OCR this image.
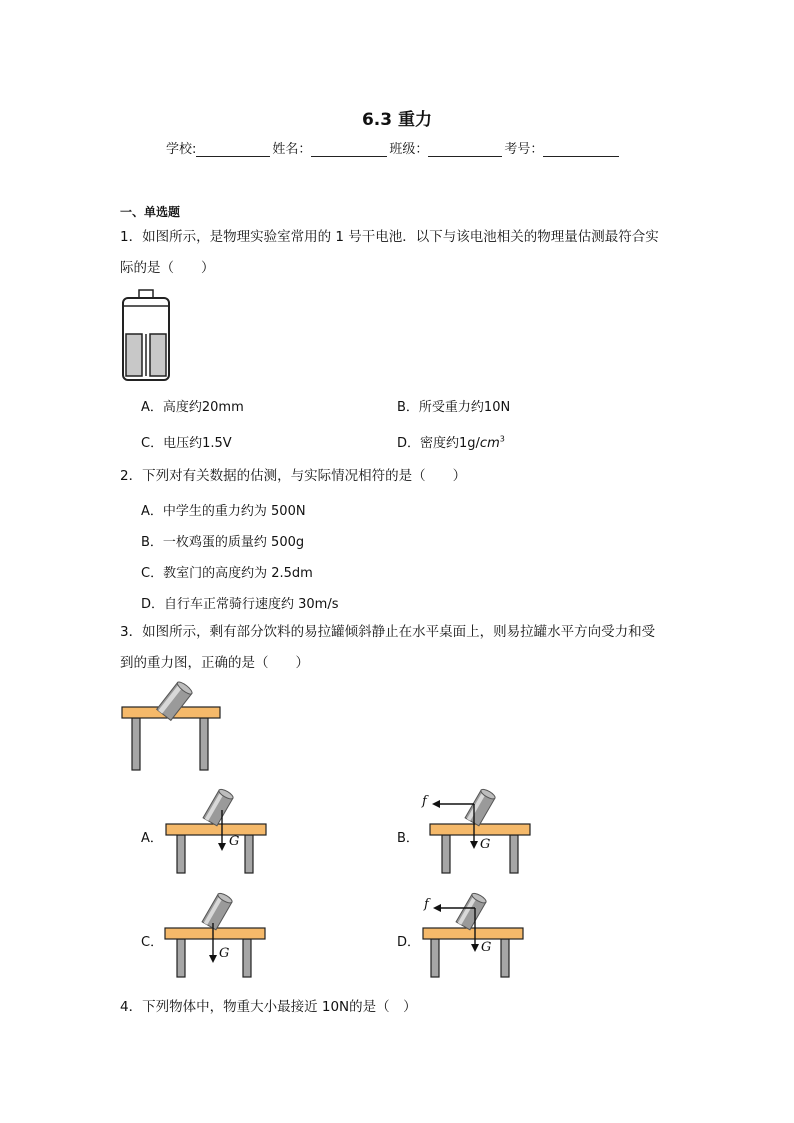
6.3 重力
学校:	姓名：	班级：	考号：
一、单选题
1．如图所示，是物理实验室常用的 1 号干电池．以下与该电池相关的物理量估测最符合实
际的是（　　）
A．高度约20mm	B．所受重力约10N
C．电压约1.5V	D．密度约$1g/cm^3$
2．下列对有关数据的估测，与实际情况相符的是（　　）
A．中学生的重力约为 500N
B．一枚鸡蛋的质量约 500g
C．教室门的高度约为 2.5dm
D．自行车正常骑行速度约 30m/s
3．如图所示，剩有部分饮料的易拉罐倾斜静止在水平桌面上，则易拉罐水平方向受力和受
到的重力图，正确的是（　　）
A．	G	B．
f
G
C．
G
D．
f
G
4．下列物体中，物重大小最接近 10N的是（　）
